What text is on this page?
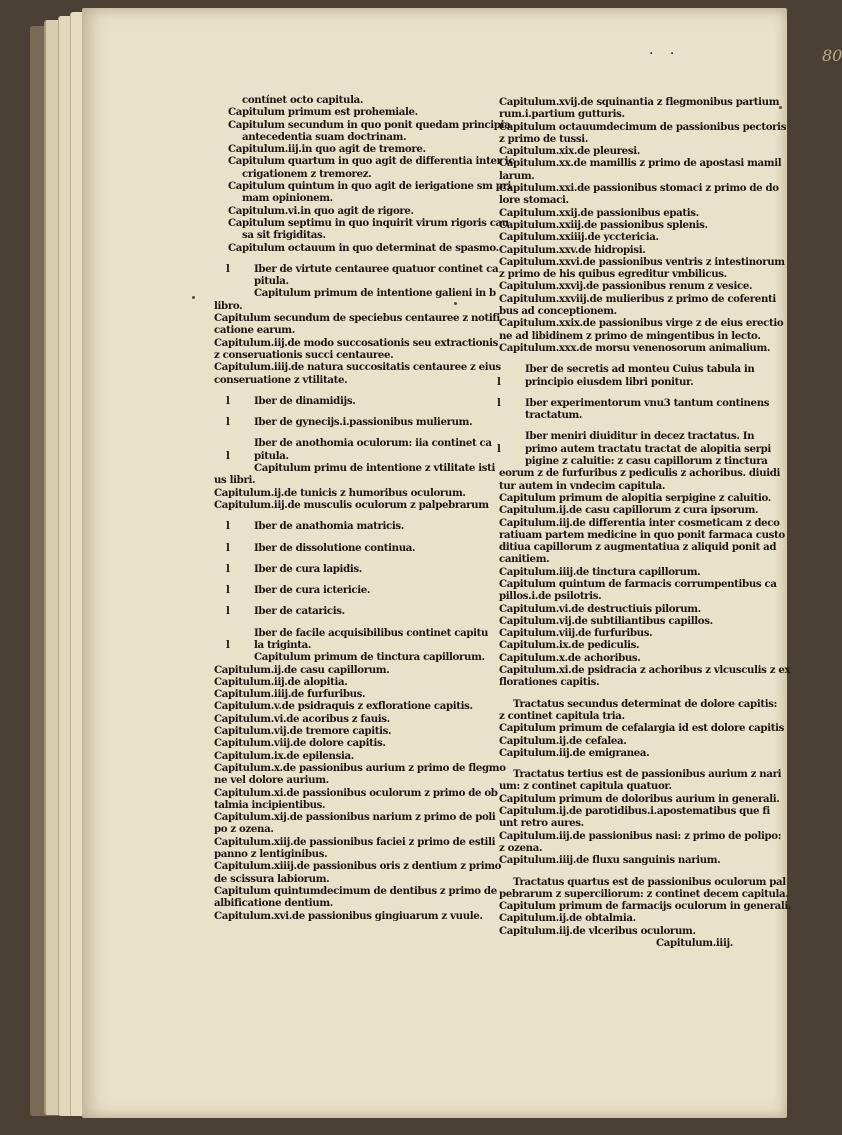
80
· ·
contínet octo capitula.
Capitulum primum est prohemiale.
Capitulum secundum in quo ponit quedam principia
antecedentia suam doctrinam.
Capitulum.iij.in quo agit de tremore.
Capitulum quartum in quo agit de differentia inter ic
crigationem z tremorez.
Capitulum quintum in quo agit de ierigatione sm pri
mam opinionem.
Capitulum.vi.in quo agit de rigore.
Capitulum septimu in quo inquirit virum rigoris cau
sa sit frigiditas.
Capitulum octauum in quo determinat de spasmo.
l Iber de virtute centauree quatuor continet ca
pitula.
Capitulum primum de intentione galieni in b
libro.
Capitulum secundum de speciebus centauree z notifi
catione earum.
Capitulum.iij.de modo succosationis seu extractionis
z conseruationis succi centauree.
Capitulum.iiij.de natura succositatis centauree z eius
conseruatione z vtilitate.
l Iber de dinamidijs.
l Iber de gynecijs.i.passionibus mulierum.
Iber de anothomia oculorum: iia continet ca
l pitula.
Capitulum primu de intentione z vtilitate isti
us libri.
Capitulum.ij.de tunicis z humoribus oculorum.
Capitulum.iij.de musculis oculorum z palpebrarum
l Iber de anathomia matricis.
l Iber de dissolutione continua.
l Iber de cura lapidis.
l Iber de cura ictericie.
l Iber de cataricis.
Iber de facile acquisibilibus continet capitu
l la triginta.
Capitulum primum de tinctura capillorum.
Capitulum.ij.de casu capillorum.
Capitulum.iij.de alopitia.
Capitulum.iiij.de furfuribus.
Capitulum.v.de psidraquis z exfloratione capitis.
Capitulum.vi.de acoribus z fauis.
Capitulum.vij.de tremore capitis.
Capitulum.viij.de dolore capitis.
Capitulum.ix.de epilensia.
Capitulum.x.de passionibus aurium z primo de flegmo
ne vel dolore aurium.
Capitulum.xi.de passionibus oculorum z primo de ob
talmia incipientibus.
Capitulum.xij.de passionibus narium z primo de poli
po z ozena.
Capitulum.xiij.de passionibus faciei z primo de estili
panno z lentiginibus.
Capitulum.xiiij.de passionibus oris z dentium z primo
de scissura labiorum.
Capitulum quintumdecimum de dentibus z primo de
albificatione dentium.
Capitulum.xvi.de passionibus gingiuarum z vuule.
Capitulum.xvij.de squinantia z flegmonibus partium
rum.i.partium gutturis.
Capitulum octauumdecimum de passionibus pectoris
z primo de tussi.
Capitulum.xix.de pleuresi.
Capitulum.xx.de mamillis z primo de apostasi mamil
larum.
Capitulum.xxi.de passionibus stomaci z primo de do
lore stomaci.
Capitulum.xxij.de passionibus epatis.
Capitulum.xxiij.de passionibus splenis.
Capitulum.xxiiij.de ycctericia.
Capitulum.xxv.de hidropisi.
Capitulum.xxvi.de passionibus ventris z intestinorum
z primo de his quibus egreditur vmbilicus.
Capitulum.xxvij.de passionibus renum z vesice.
Capitulum.xxviij.de mulieribus z primo de coferenti
bus ad conceptionem.
Capitulum.xxix.de passionibus virge z de eius erectio
ne ad libidinem z primo de mingentibus in lecto.
Capitulum.xxx.de morsu venenosorum animalium.
Iber de secretis ad monteu Cuius tabula in
l principio eiusdem libri ponitur.
l Iber experimentorum vnu3 tantum continens
tractatum.
Iber meniri diuiditur in decez tractatus. In
l primo autem tractatu tractat de alopitia serpi
pigine z caluitie: z casu capillorum z tinctura
eorum z de furfuribus z pediculis z achoribus. diuidi
tur autem in vndecim capitula.
Capitulum primum de alopitia serpigine z caluitio.
Capitulum.ij.de casu capillorum z cura ipsorum.
Capitulum.iij.de differentia inter cosmeticam z deco
ratiuam partem medicine in quo ponit farmaca custo
ditiua capillorum z augmentatiua z aliquid ponit ad
canitiem.
Capitulum.iiij.de tinctura capillorum.
Capitulum quintum de farmacis corrumpentibus ca
pillos.i.de psilotris.
Capitulum.vi.de destructiuis pilorum.
Capitulum.vij.de subtiliantibus capillos.
Capitulum.viij.de furfuribus.
Capitulum.ix.de pediculis.
Capitulum.x.de achoribus.
Capitulum.xi.de psidracia z achoribus z vlcusculis z ex
florationes capitis.
Tractatus secundus determinat de dolore capitis:
z continet capitula tria.
Capitulum primum de cefalargia id est dolore capitis
Capitulum.ij.de cefalea.
Capitulum.iij.de emigranea.
Tractatus tertius est de passionibus aurium z nari
um: z continet capitula quatuor.
Capitulum primum de doloribus aurium in generali.
Capitulum.ij.de parotidibus.i.apostematibus que fi
unt retro aures.
Capitulum.iij.de passionibus nasi: z primo de polipo:
z ozena.
Capitulum.iiij.de fluxu sanguinis narium.
Tractatus quartus est de passionibus oculorum pal
pebrarum z superciliorum: z continet decem capitula.
Capitulum primum de farmacijs oculorum in generali.
Capitulum.ij.de obtalmia.
Capitulum.iij.de vlceribus oculorum.
Capitulum.iiij.
